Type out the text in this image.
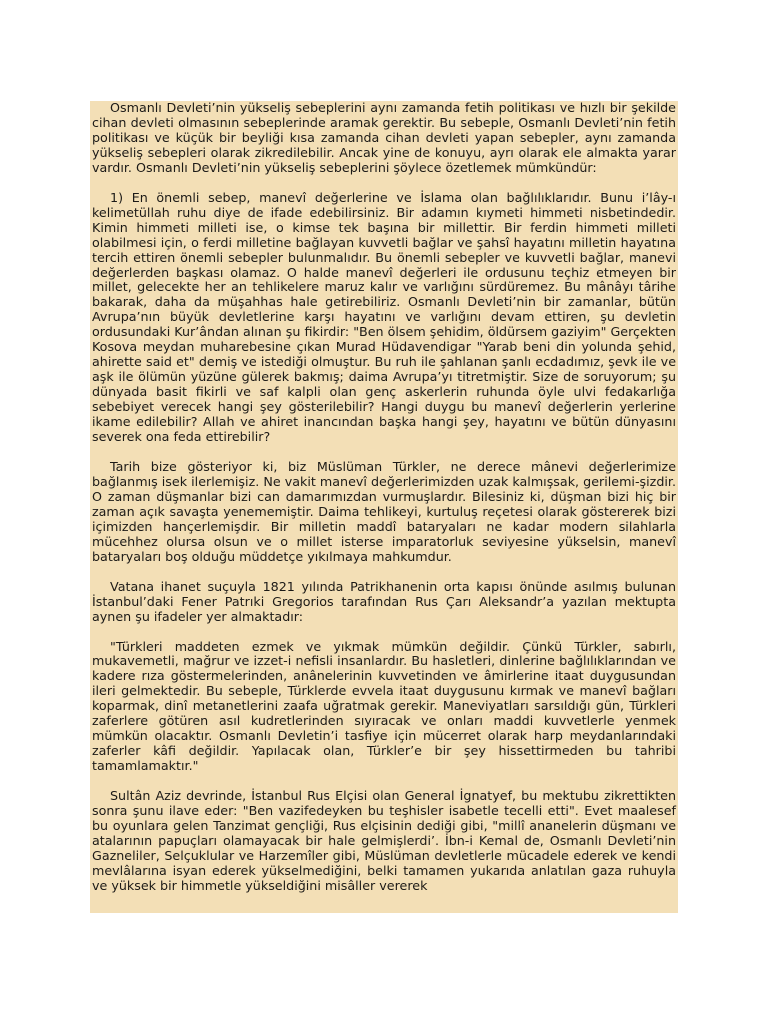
Osmanlı Devleti’nin yükseliş sebeplerini aynı zamanda fetih politikası ve hızlı bir şekilde cihan devleti olmasının sebeplerinde aramak gerektir. Bu sebeple, Osmanlı Devleti’nin fetih politikası ve küçük bir beyliği kısa zamanda cihan devleti yapan sebepler, aynı zamanda yükseliş sebepleri olarak zikredilebilir. Ancak yine de konuyu, ayrı olarak ele almakta yarar vardır. Osmanlı Devleti’nin yükseliş sebeplerini şöylece özetlemek mümkündür:

1) En önemli sebep, manevî değerlerine ve İslama olan bağlılıklarıdır. Bunu i’lây-ı kelimetüllah ruhu diye de ifade edebilirsiniz. Bir adamın kıymeti himmeti nisbetindedir. Kimin himmeti milleti ise, o kimse tek başına bir millettir. Bir ferdin himmeti milleti olabilmesi için, o ferdi milletine bağlayan kuvvetli bağlar ve şahsî hayatını milletin hayatına tercih ettiren önemli sebepler bulunmalıdır. Bu önemli sebepler ve kuvvetli bağlar, manevi değerlerden başkası olamaz. O halde manevî değerleri ile ordusunu teçhiz etmeyen bir millet, gelecekte her an tehlikelere maruz kalır ve varlığını sürdüremez. Bu mânâyı târihe bakarak, daha da müşahhas hale getirebiliriz. Osmanlı Devleti’nin bir zamanlar, bütün Avrupa’nın büyük devletlerine karşı hayatını ve varlığını devam ettiren, şu devletin ordusundaki Kur’ândan alınan şu fikirdir: "Ben ölsem şehidim, öldürsem gaziyim" Gerçekten Kosova meydan muharebesine çıkan Murad Hüdavendigar "Yarab beni din yolunda şehid, ahirette said et" demiş ve istediği olmuştur. Bu ruh ile şahlanan şanlı ecdadımız, şevk ile ve aşk ile ölümün yüzüne gülerek bakmış; daima Avrupa’yı titretmiştir. Size de soruyorum; şu dünyada basit fikirli ve saf kalpli olan genç askerlerin ruhunda öyle ulvi fedakarlığa sebebiyet verecek hangi şey gösterilebilir? Hangi duygu bu manevî değerlerin yerlerine ikame edilebilir? Allah ve ahiret inancından başka hangi şey, hayatını ve bütün dünyasını severek ona feda ettirebilir?

Tarih bize gösteriyor ki, biz Müslüman Türkler, ne derece mânevi değerlerimize bağlanmış isek ilerlemişiz. Ne vakit manevî değerlerimizden uzak kalmışsak, gerilemi-şizdir. O zaman düşmanlar bizi can damarımızdan vurmuşlardır. Bilesiniz ki, düşman bizi hiç bir zaman açık savaşta yenememiştir. Daima tehlikeyi, kurtuluş reçetesi olarak göstererek bizi içimizden hançerlemişdir. Bir milletin maddî bataryaları ne kadar modern silahlarla mücehhez olursa olsun ve o millet isterse imparatorluk seviyesine yükselsin, manevî bataryaları boş olduğu müddetçe yıkılmaya mahkumdur.

Vatana ihanet suçuyla 1821 yılında Patrikhanenin orta kapısı önünde asılmış bulunan İstanbul’daki Fener Patrıki Gregorios tarafından Rus Çarı Aleksandr’a yazılan mektupta aynen şu ifadeler yer almaktadır:

"Türkleri maddeten ezmek ve yıkmak mümkün değildir. Çünkü Türkler, sabırlı, mukavemetli, mağrur ve izzet-i nefisli insanlardır. Bu hasletleri, dinlerine bağlılıklarından ve kadere rıza göstermelerinden, anânelerinin kuvvetinden ve âmirlerine itaat duygusundan ileri gelmektedir. Bu sebeple, Türklerde evvela itaat duygusunu kırmak ve manevî bağları koparmak, dinî metanetlerini zaafa uğratmak gerekir. Maneviyatları sarsıldığı gün, Türkleri zaferlere götüren asıl kudretlerinden sıyıracak ve onları maddi kuvvetlerle yenmek mümkün olacaktır. Osmanlı Devletin’i tasfiye için mücerret olarak harp meydanlarındaki zaferler kâfi değildir. Yapılacak olan, Türkler’e bir şey hissettirmeden bu tahribi tamamlamaktır."

Sultân Aziz devrinde, İstanbul Rus Elçisi olan General İgnatyef, bu mektubu zikrettikten sonra şunu ilave eder: "Ben vazifedeyken bu teşhisler isabetle tecelli etti". Evet maalesef bu oyunlara gelen Tanzimat gençliği, Rus elçisinin dediği gibi, "millî ananelerin düşmanı ve atalarının papuçları olamayacak bir hale gelmişlerdi’. İbn-i Kemal de, Osmanlı Devleti’nin Gazneliler, Selçuklular ve Harzemîler gibi, Müslüman devletlerle mücadele ederek ve kendi mevlâlarına isyan ederek yükselmediğini, belki tamamen yukarıda anlatılan gaza ruhuyla ve yüksek bir himmetle yükseldiğini misâller vererek
